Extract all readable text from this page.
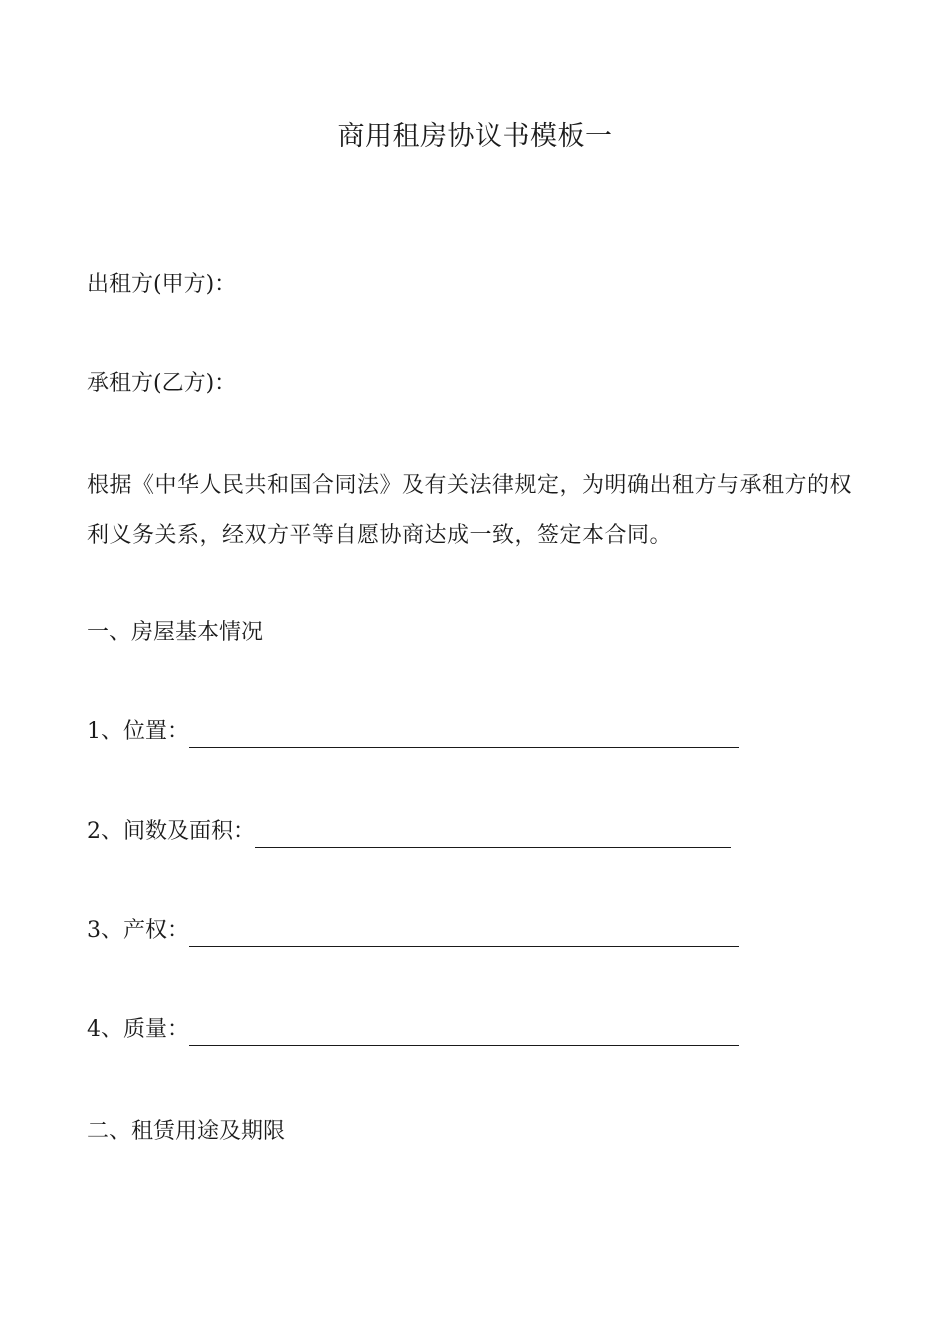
商用租房协议书模板一
出租方(甲方)：
承租方(乙方)：
根据《中华人民共和国合同法》及有关法律规定，为明确出租方与承租方的权利义务关系，经双方平等自愿协商达成一致，签定本合同。
一、房屋基本情况
1、位置：
2、间数及面积：
3、产权：
4、质量：
二、租赁用途及期限
